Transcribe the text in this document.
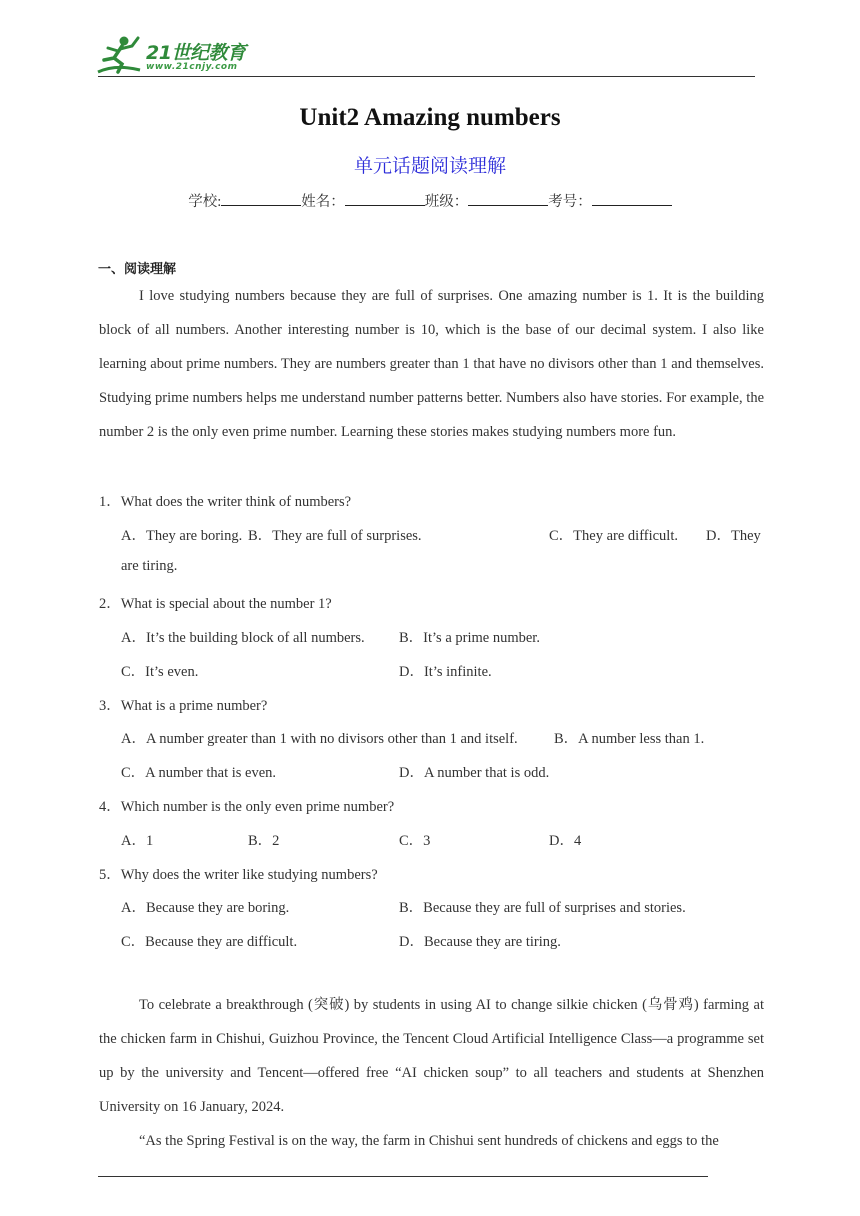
21世纪教育
www.21cnjy.com
Unit2 Amazing numbers
单元话题阅读理解
学校:	姓名：	班级：	考号：
一、阅读理解

I love studying numbers because they are full of surprises. One amazing number is 1. It is the building block of all numbers. Another interesting number is 10, which is the base of our decimal system. I also like learning about prime numbers. They are numbers greater than 1 that have no divisors other than 1 and themselves. Studying prime numbers helps me understand number patterns better. Numbers also have stories. For example, the number 2 is the only even prime number. Learning these stories makes studying numbers more fun.

1．What does the writer think of numbers?
A．They are boring. B．They are full of surprises.	C．They are difficult. D．They
are tiring.
2．What is special about the number 1?
A．It’s the building block of all numbers. B．It’s a prime number.
C．It’s even.	D．It’s infinite.
3．What is a prime number?
A．A number greater than 1 with no divisors other than 1 and itself.	B．A number less than 1.
C．A number that is even.	D．A number that is odd.
4．Which number is the only even prime number?
A．1	B．2	C．3	D．4
5．Why does the writer like studying numbers?
A．Because they are boring.	B．Because they are full of surprises and stories.
C．Because they are difficult.	D．Because they are tiring.

To celebrate a breakthrough (突破) by students in using AI to change silkie chicken (乌骨鸡) farming at the chicken farm in Chishui, Guizhou Province, the Tencent Cloud Artificial Intelligence Class—a programme set up by the university and Tencent—offered free “AI chicken soup” to all teachers and students at Shenzhen University on 16 January, 2024.

“As the Spring Festival is on the way, the farm in Chishui sent hundreds of chickens and eggs to the
